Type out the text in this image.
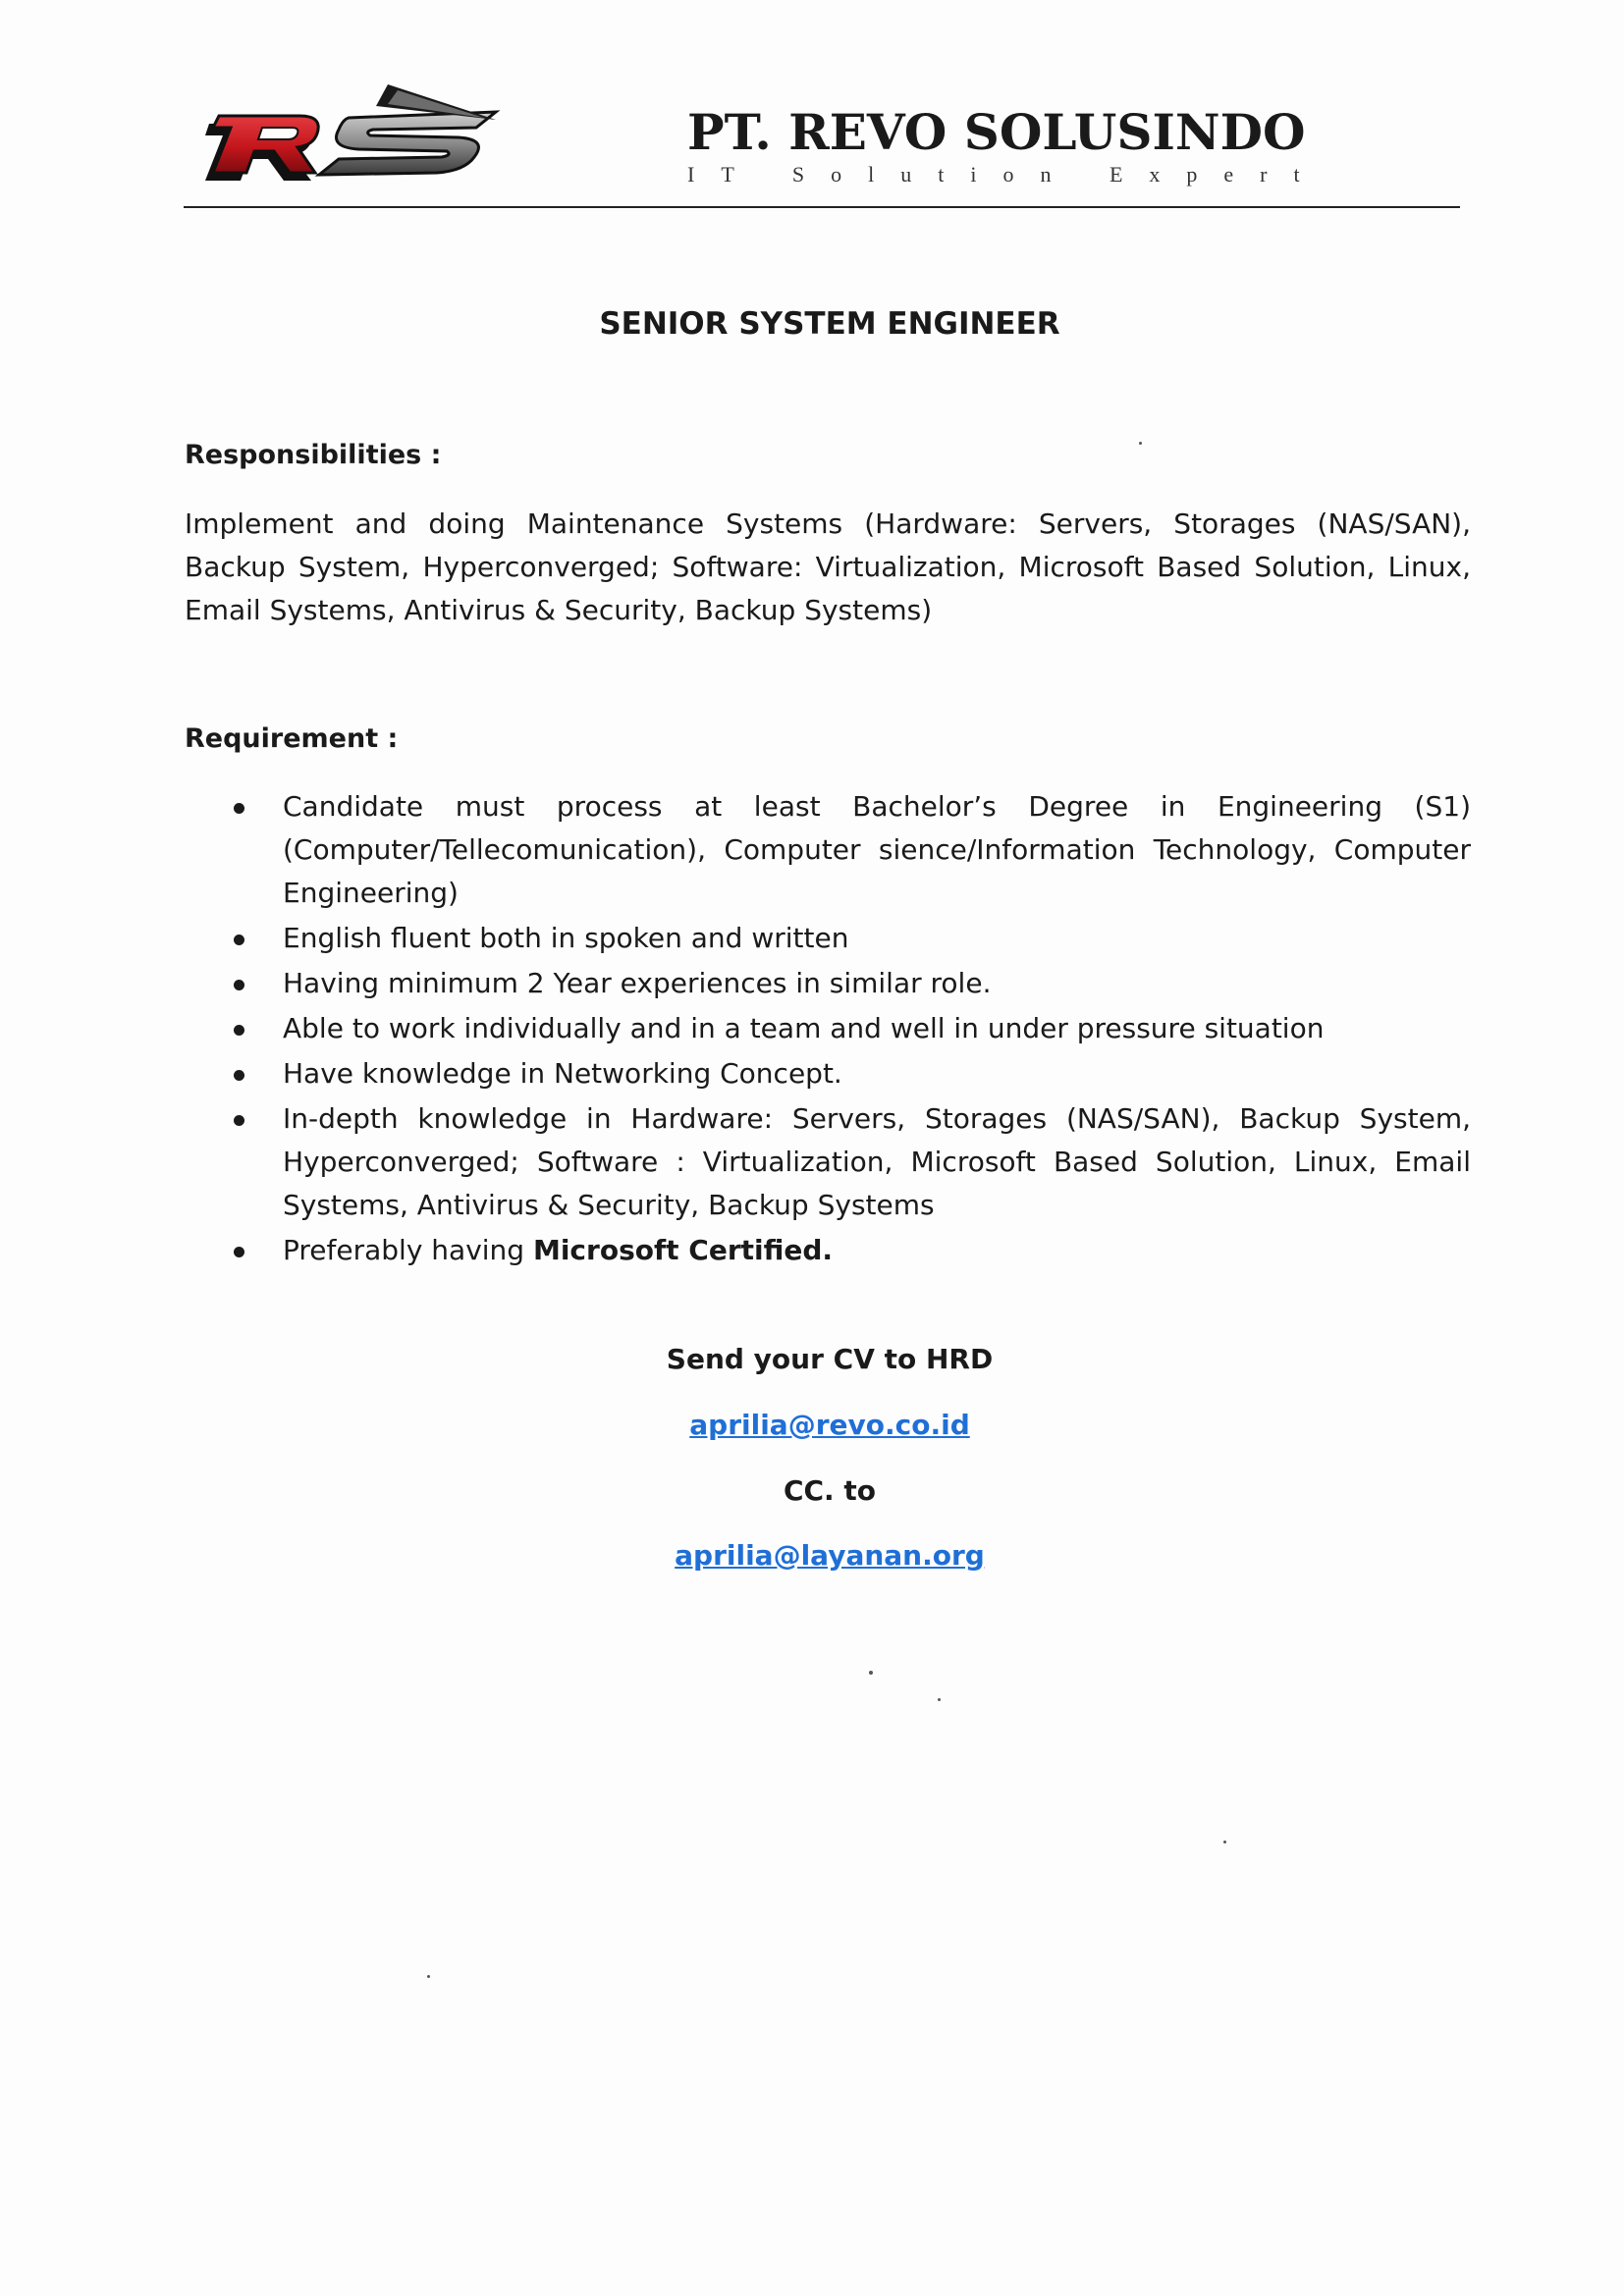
PT. REVO SOLUSINDO
IT Solution Expert
SENIOR SYSTEM ENGINEER
Responsibilities :
Implement and doing Maintenance Systems (Hardware: Servers, Storages (NAS/SAN), Backup System, Hyperconverged; Software: Virtualization, Microsoft Based Solution, Linux, Email Systems, Antivirus & Security, Backup Systems)
Requirement :
Candidate must process at least Bachelor’s Degree in Engineering (S1) (Computer/Tellecomunication), Computer sience/Information Technology, Computer Engineering)
English fluent both in spoken and written
Having minimum 2 Year experiences in similar role.
Able to work individually and in a team and well in under pressure situation
Have knowledge in Networking Concept.
In-depth knowledge in Hardware: Servers, Storages (NAS/SAN), Backup System, Hyperconverged; Software : Virtualization, Microsoft Based Solution, Linux, Email Systems, Antivirus & Security, Backup Systems
Preferably having Microsoft Certified.
Send your CV to HRD
aprilia@revo.co.id
CC. to
aprilia@layanan.org
